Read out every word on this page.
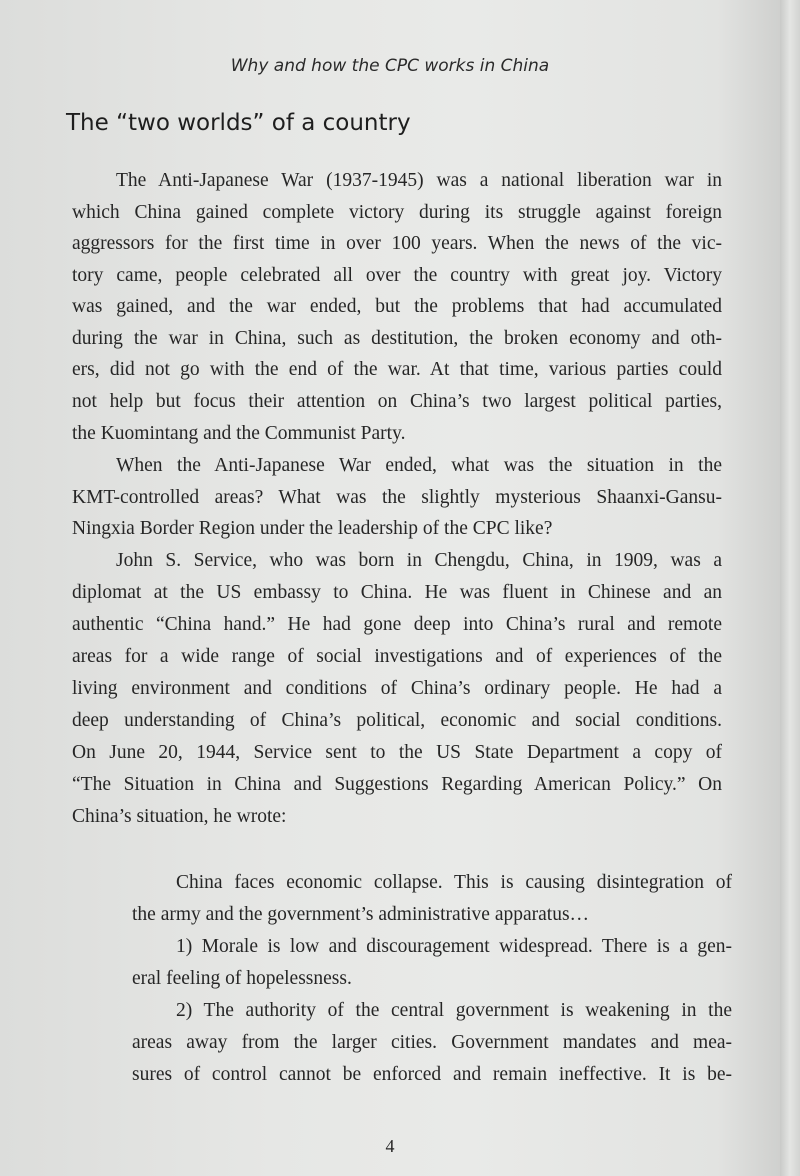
Why and how the CPC works in China
The “two worlds” of a country
The Anti-Japanese War (1937-1945) was a national liberation war in
which China gained complete victory during its struggle against foreign
aggressors for the first time in over 100 years. When the news of the vic-
tory came, people celebrated all over the country with great joy. Victory
was gained, and the war ended, but the problems that had accumulated
during the war in China, such as destitution, the broken economy and oth-
ers, did not go with the end of the war. At that time, various parties could
not help but focus their attention on China’s two largest political parties,
the Kuomintang and the Communist Party.
When the Anti-Japanese War ended, what was the situation in the
KMT-controlled areas? What was the slightly mysterious Shaanxi-Gansu-
Ningxia Border Region under the leadership of the CPC like?
John S. Service, who was born in Chengdu, China, in 1909, was a
diplomat at the US embassy to China. He was fluent in Chinese and an
authentic “China hand.” He had gone deep into China’s rural and remote
areas for a wide range of social investigations and of experiences of the
living environment and conditions of China’s ordinary people. He had a
deep understanding of China’s political, economic and social conditions.
On June 20, 1944, Service sent to the US State Department a copy of
“The Situation in China and Suggestions Regarding American Policy.” On
China’s situation, he wrote:
China faces economic collapse. This is causing disintegration of
the army and the government’s administrative apparatus…
1) Morale is low and discouragement widespread. There is a gen-
eral feeling of hopelessness.
2) The authority of the central government is weakening in the
areas away from the larger cities. Government mandates and mea-
sures of control cannot be enforced and remain ineffective. It is be-
4
